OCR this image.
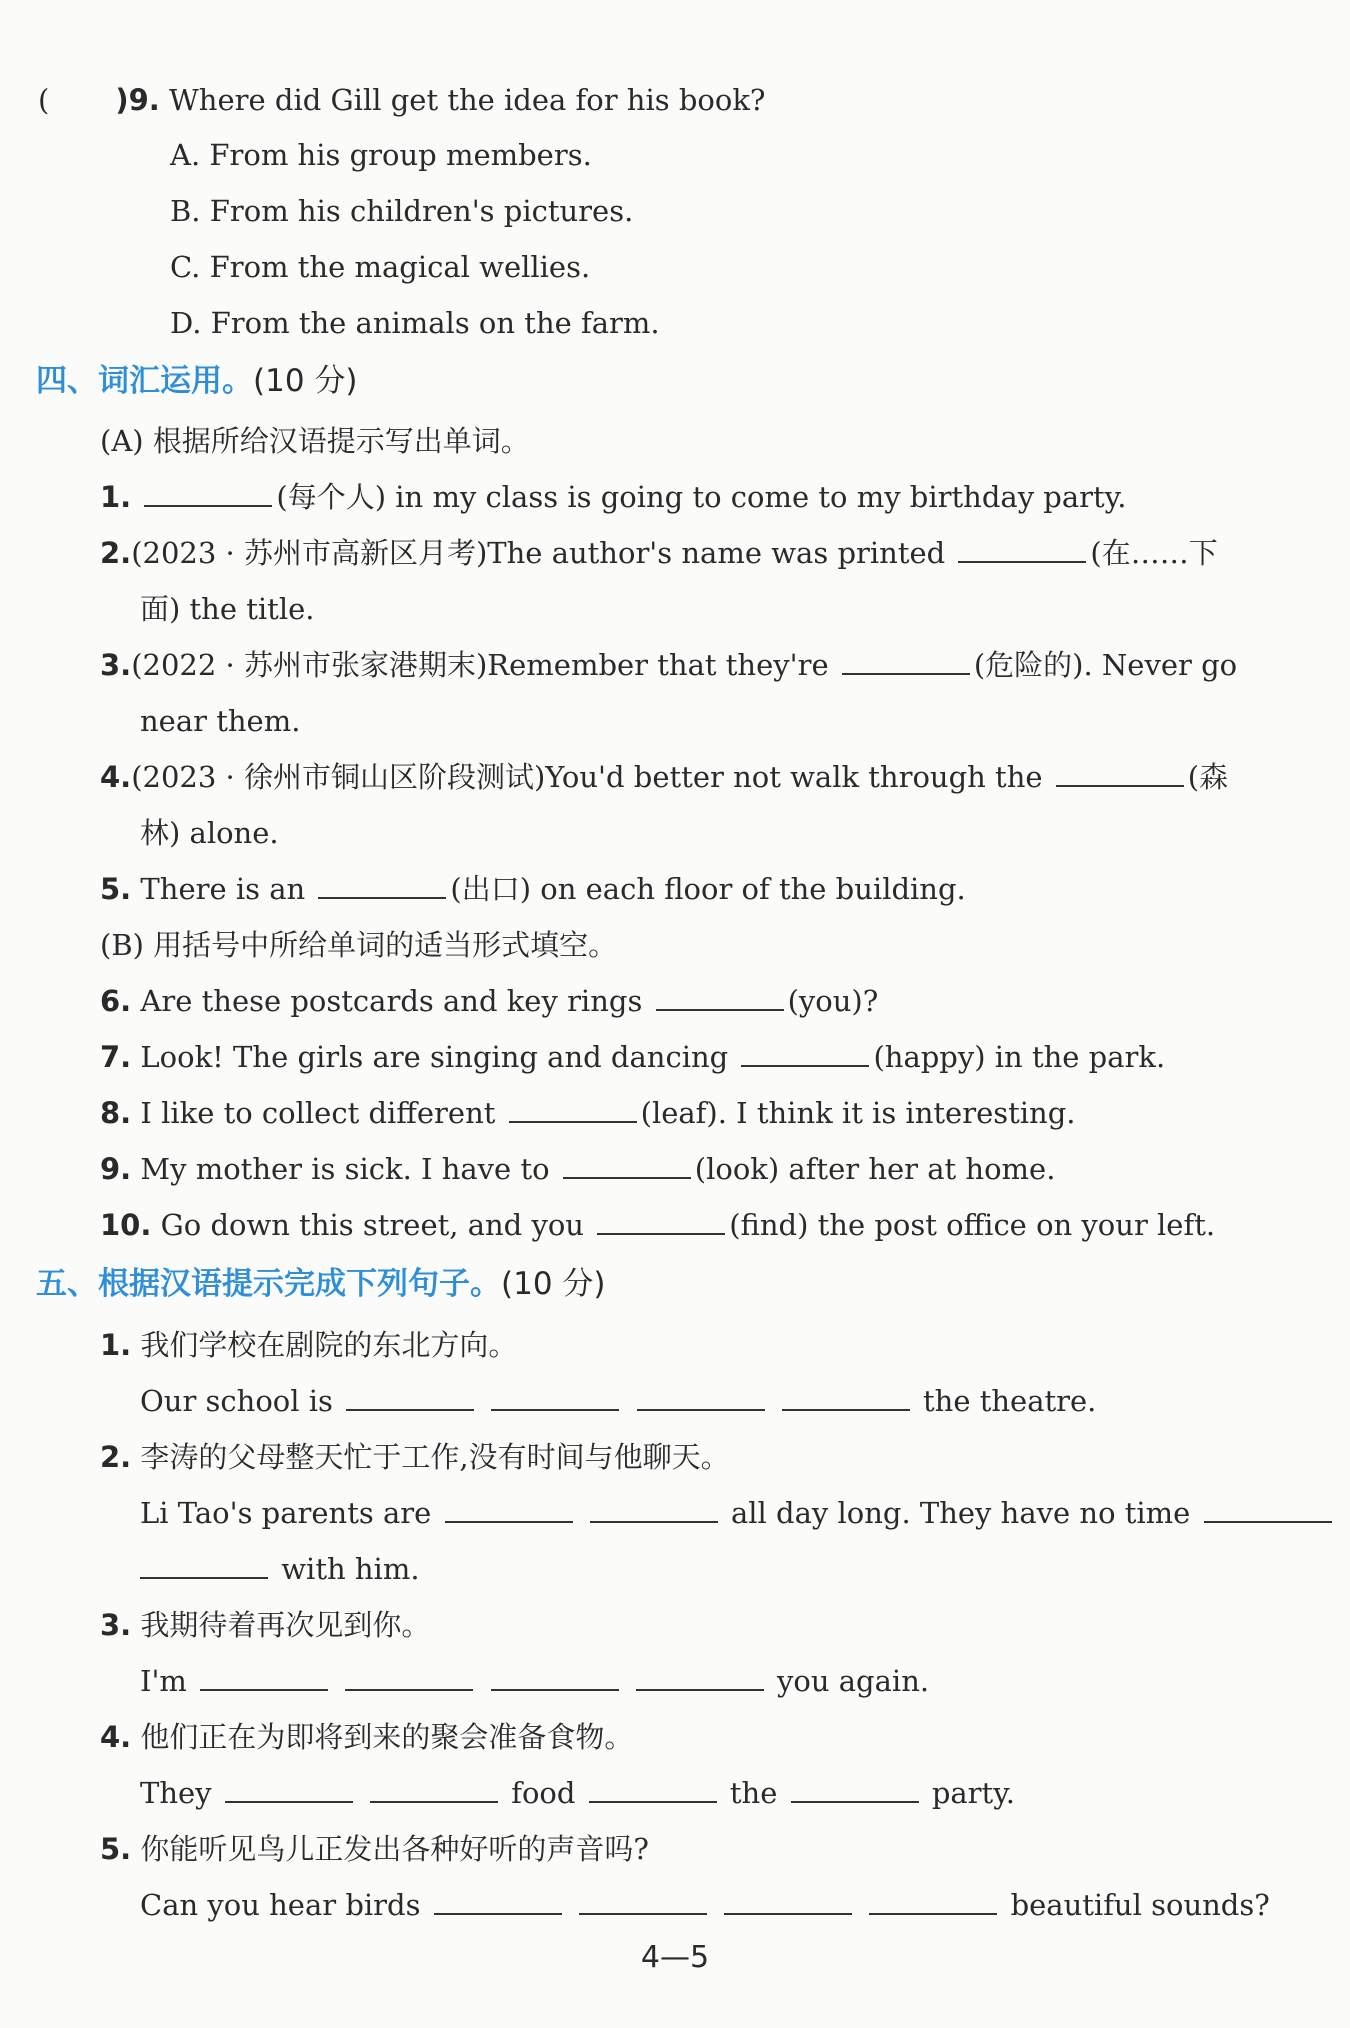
( )9. Where did Gill get the idea for his book?
A. From his group members.
B. From his children's pictures.
C. From the magical wellies.
D. From the animals on the farm.
四、词汇运用。(10 分)
(A) 根据所给汉语提示写出单词。
1.	(每个人) in my class is going to come to my birthday party.
2.(2023 · 苏州市高新区月考)The author's name was printed	(在……下
面) the title.
3.(2022 · 苏州市张家港期末)Remember that they're	(危险的). Never go
near them.
4.(2023 · 徐州市铜山区阶段测试)You'd better not walk through the	(森
林) alone.
5. There is an	(出口) on each floor of the building.
(B) 用括号中所给单词的适当形式填空。
6. Are these postcards and key rings	(you)?
7. Look! The girls are singing and dancing	(happy) in the park.
8. I like to collect different	(leaf). I think it is interesting.
9. My mother is sick. I have to	(look) after her at home.
10. Go down this street, and you	(find) the post office on your left.
五、根据汉语提示完成下列句子。(10 分)
1. 我们学校在剧院的东北方向。
Our school is	the theatre.
2. 李涛的父母整天忙于工作,没有时间与他聊天。
Li Tao's parents are	all day long. They have no time
with him.
3. 我期待着再次见到你。
I'm	you again.
4. 他们正在为即将到来的聚会准备食物。
They	food	the	party.
5. 你能听见鸟儿正发出各种好听的声音吗?
Can you hear birds	beautiful sounds?
4—5
